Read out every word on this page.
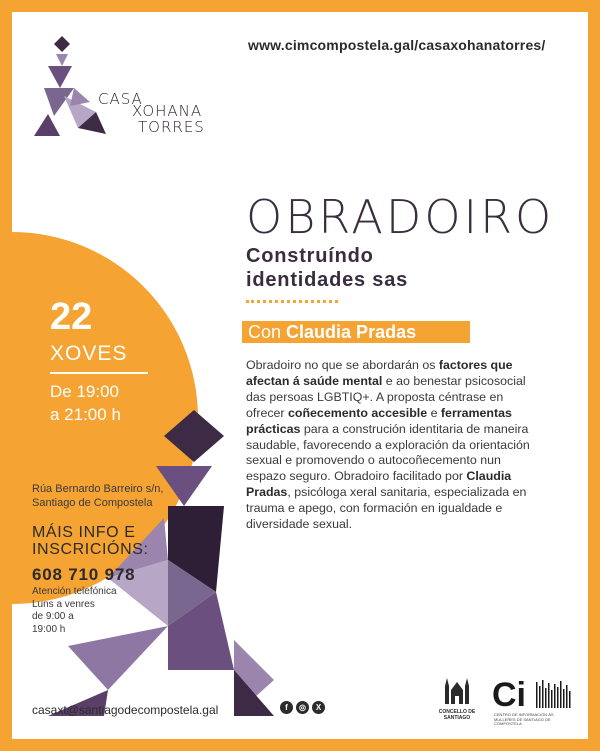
www.cimcompostela.gal/casaxohanatorres/
CASA
XOHANA
TORRES
OBRADOIRO
Construíndo
identidades sas
Con Claudia Pradas
Obradoiro no que se abordarán os factores que afectan á saúde mental e ao benestar psicosocial das persoas LGBTIQ+. A proposta céntrase en ofrecer coñecemento accesible e ferramentas prácticas para a construción identitaria de maneira saudable, favorecendo a exploración da orientación sexual e promovendo o autocoñecemento nun espazo seguro. Obradoiro facilitado por Claudia Pradas, psicóloga xeral sanitaria, especializada en trauma e apego, con formación en igualdade e diversidade sexual.
22
XOVES
De 19:00
a 21:00 h
Rúa Bernardo Barreiro s/n,
Santiago de Compostela
MÁIS INFO E
INSCRICIÓNS:
608 710 978
Atención telefónica
Luns a venres
de 9:00 a
19:00 h
casaxt@santiagodecompostela.gal	f	◎	X	CONCELLO DE
SANTIAGO
Ci
CENTRO DE INFORMACIÓN ÁS MULLERES DE SANTIAGO DE COMPOSTELA
